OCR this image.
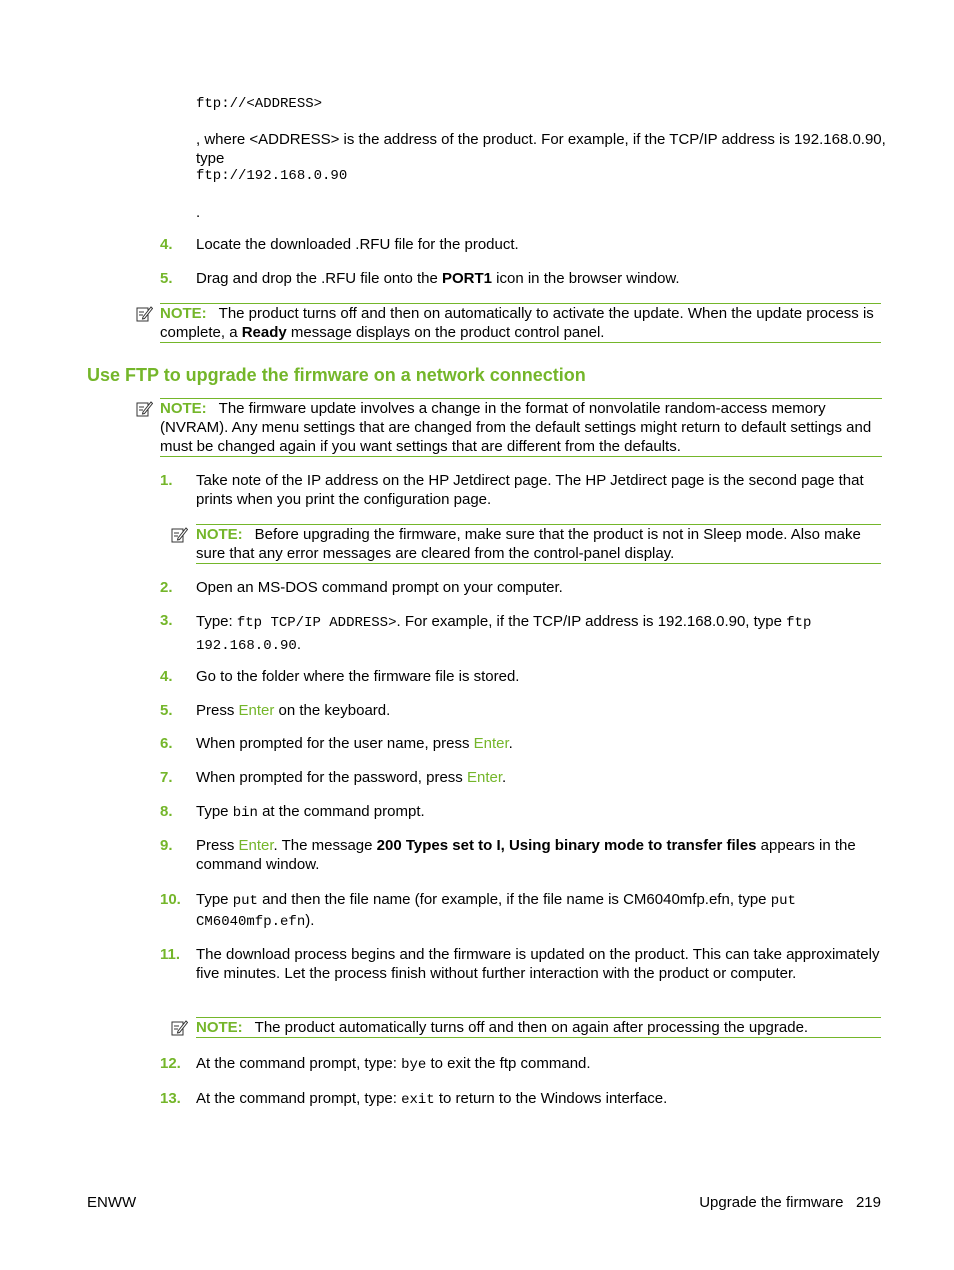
ftp://<ADDRESS>
, where <ADDRESS> is the address of the product. For example, if the TCP/IP address is 192.168.0.90, type
ftp://192.168.0.90
.
4. Locate the downloaded .RFU file for the product.
5. Drag and drop the .RFU file onto the PORT1 icon in the browser window.
NOTE: The product turns off and then on automatically to activate the update. When the update process is complete, a Ready message displays on the product control panel.
Use FTP to upgrade the firmware on a network connection
NOTE: The firmware update involves a change in the format of nonvolatile random-access memory (NVRAM). Any menu settings that are changed from the default settings might return to default settings and must be changed again if you want settings that are different from the defaults.
1. Take note of the IP address on the HP Jetdirect page. The HP Jetdirect page is the second page that prints when you print the configuration page.
NOTE: Before upgrading the firmware, make sure that the product is not in Sleep mode. Also make sure that any error messages are cleared from the control-panel display.
2. Open an MS-DOS command prompt on your computer.
3. Type: ftp TCP/IP ADDRESS>. For example, if the TCP/IP address is 192.168.0.90, type ftp
192.168.0.90.
4. Go to the folder where the firmware file is stored.
5. Press Enter on the keyboard.
6. When prompted for the user name, press Enter.
7. When prompted for the password, press Enter.
8. Type bin at the command prompt.
9. Press Enter. The message 200 Types set to I, Using binary mode to transfer files appears in the command window.
10. Type put and then the file name (for example, if the file name is CM6040mfp.efn, type put
CM6040mfp.efn).
11. The download process begins and the firmware is updated on the product. This can take approximately five minutes. Let the process finish without further interaction with the product or computer.
NOTE: The product automatically turns off and then on again after processing the upgrade.
12. At the command prompt, type: bye to exit the ftp command.
13. At the command prompt, type: exit to return to the Windows interface.
ENWW	Upgrade the firmware 219
